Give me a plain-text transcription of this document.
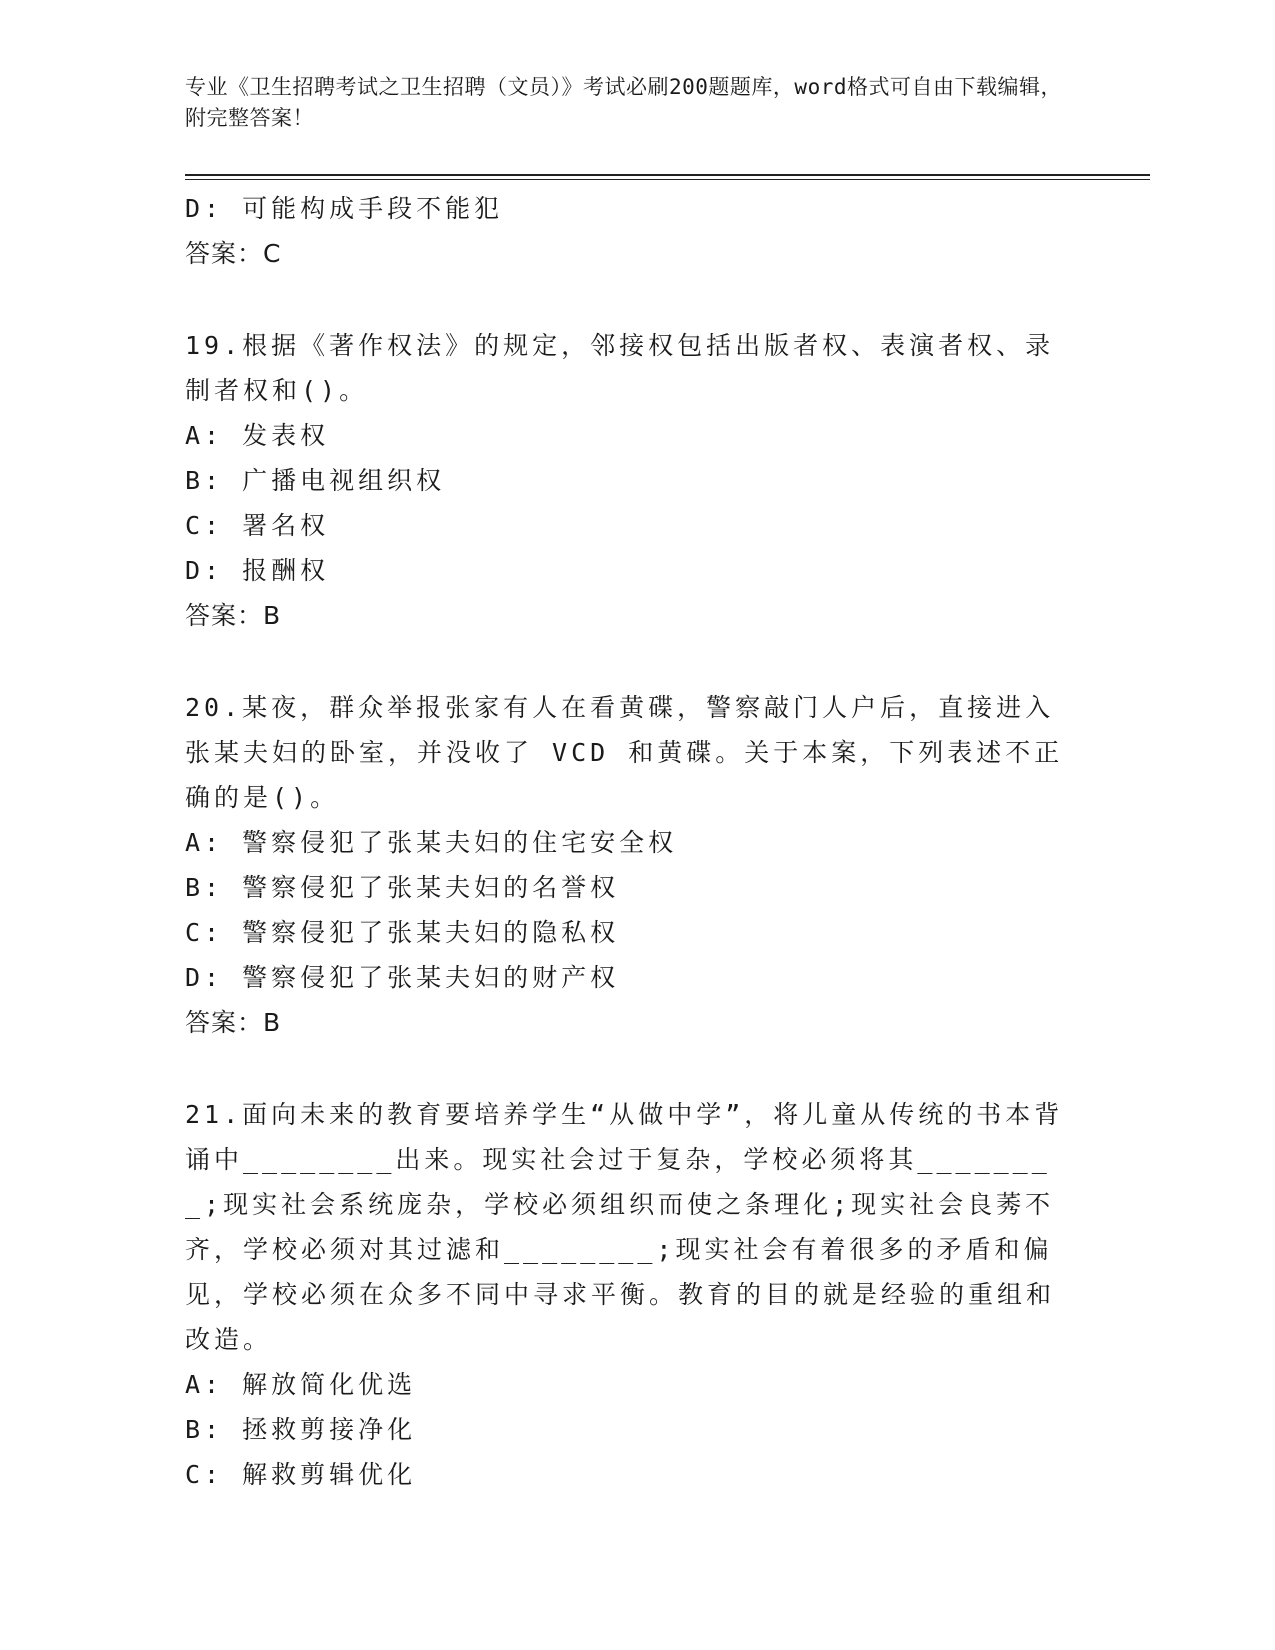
专业《卫生招聘考试之卫生招聘（文员）》考试必刷200题题库，word格式可自由下载编辑，附完整答案！

D: 可能构成手段不能犯

答案：C

19.根据《著作权法》的规定，邻接权包括出版者权、表演者权、录制者权和()。

A: 发表权

B: 广播电视组织权

C: 署名权

D: 报酬权

答案：B

20.某夜，群众举报张家有人在看黄碟，警察敲门人户后，直接进入张某夫妇的卧室，并没收了 VCD 和黄碟。关于本案，下列表述不正确的是()。

A: 警察侵犯了张某夫妇的住宅安全权

B: 警察侵犯了张某夫妇的名誉权

C: 警察侵犯了张某夫妇的隐私权

D: 警察侵犯了张某夫妇的财产权

答案：B

21.面向未来的教育要培养学生“从做中学”，将儿童从传统的书本背诵中________出来。现实社会过于复杂，学校必须将其________;现实社会系统庞杂，学校必须组织而使之条理化;现实社会良莠不齐，学校必须对其过滤和________;现实社会有着很多的矛盾和偏见，学校必须在众多不同中寻求平衡。教育的目的就是经验的重组和改造。

A: 解放简化优选

B: 拯救剪接净化

C: 解救剪辑优化
